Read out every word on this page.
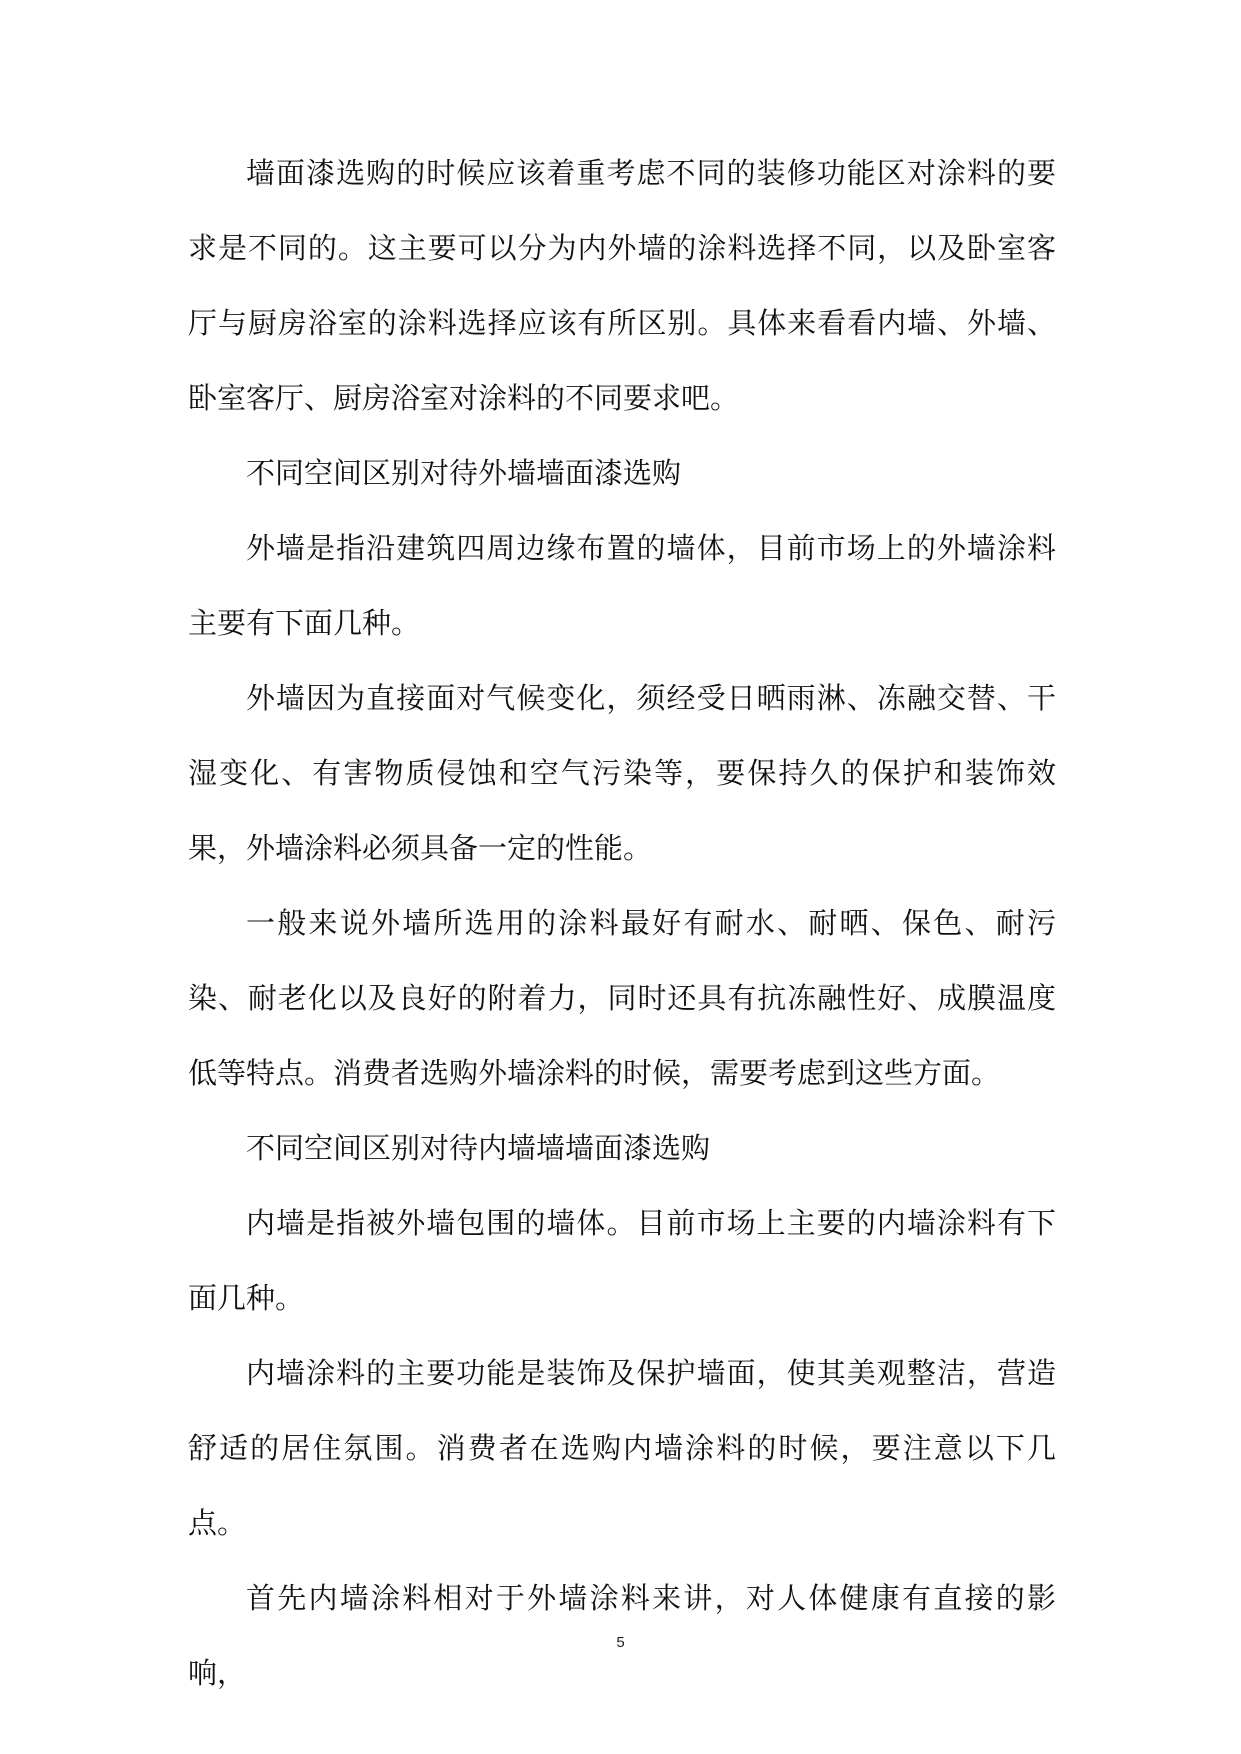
墙面漆选购的时候应该着重考虑不同的装修功能区对涂料的要求是不同的。这主要可以分为内外墙的涂料选择不同，以及卧室客厅与厨房浴室的涂料选择应该有所区别。具体来看看内墙、外墙、卧室客厅、厨房浴室对涂料的不同要求吧。

不同空间区别对待外墙墙面漆选购

外墙是指沿建筑四周边缘布置的墙体，目前市场上的外墙涂料主要有下面几种。

外墙因为直接面对气候变化，须经受日晒雨淋、冻融交替、干湿变化、有害物质侵蚀和空气污染等，要保持久的保护和装饰效果，外墙涂料必须具备一定的性能。

一般来说外墙所选用的涂料最好有耐水、耐晒、保色、耐污染、耐老化以及良好的附着力，同时还具有抗冻融性好、成膜温度低等特点。消费者选购外墙涂料的时候，需要考虑到这些方面。

不同空间区别对待内墙墙墙面漆选购

内墙是指被外墙包围的墙体。目前市场上主要的内墙涂料有下面几种。

内墙涂料的主要功能是装饰及保护墙面，使其美观整洁，营造舒适的居住氛围。消费者在选购内墙涂料的时候，要注意以下几点。

首先内墙涂料相对于外墙涂料来讲，对人体健康有直接的影响，

5
